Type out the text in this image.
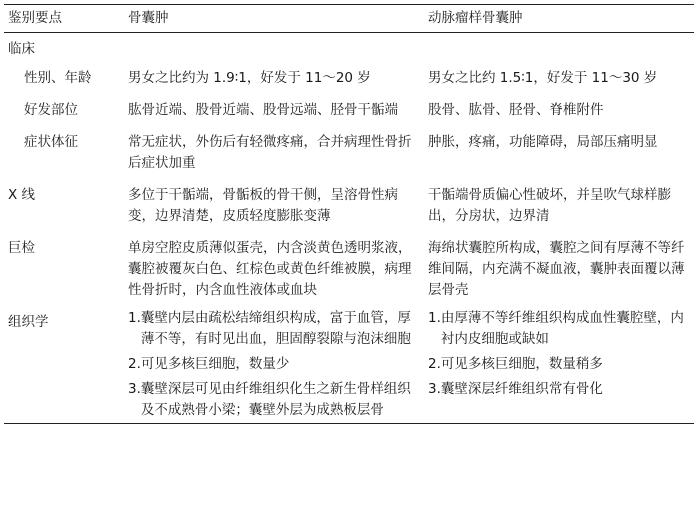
鉴别要点	骨囊肿	动脉瘤样骨囊肿
临床		
性别、年龄	男女之比约为 1.9∶1，好发于 11～20 岁	男女之比约 1.5∶1，好发于 11～30 岁
好发部位	肱骨近端、股骨近端、股骨远端、胫骨干骺端	股骨、肱骨、胫骨、脊椎附件
症状体征	常无症状，外伤后有轻微疼痛，合并病理性骨折后症状加重	肿胀，疼痛，功能障碍，局部压痛明显
X 线	多位于干骺端，骨骺板的骨干侧，呈溶骨性病变，边界清楚，皮质轻度膨胀变薄	干骺端骨质偏心性破坏，并呈吹气球样膨出，分房状，边界清
巨检	单房空腔皮质薄似蛋壳，内含淡黄色透明浆液，囊腔被覆灰白色、红棕色或黄色纤维被膜，病理性骨折时，内含血性液体或血块	海绵状囊腔所构成，囊腔之间有厚薄不等纤维间隔，内充满不凝血液，囊肿表面覆以薄层骨壳
组织学	1. 囊壁内层由疏松结缔组织构成，富于血管，厚薄不等，有时见出血，胆固醇裂隙与泡沫细胞	1. 由厚薄不等纤维组织构成血性囊腔壁，内衬内皮细胞或缺如

	2. 可见多核巨细胞，数量少	2. 可见多核巨细胞，数量稍多

	3. 囊壁深层可见由纤维组织化生之新生骨样组织及不成熟骨小梁；囊壁外层为成熟板层骨	3. 囊壁深层纤维组织常有骨化
